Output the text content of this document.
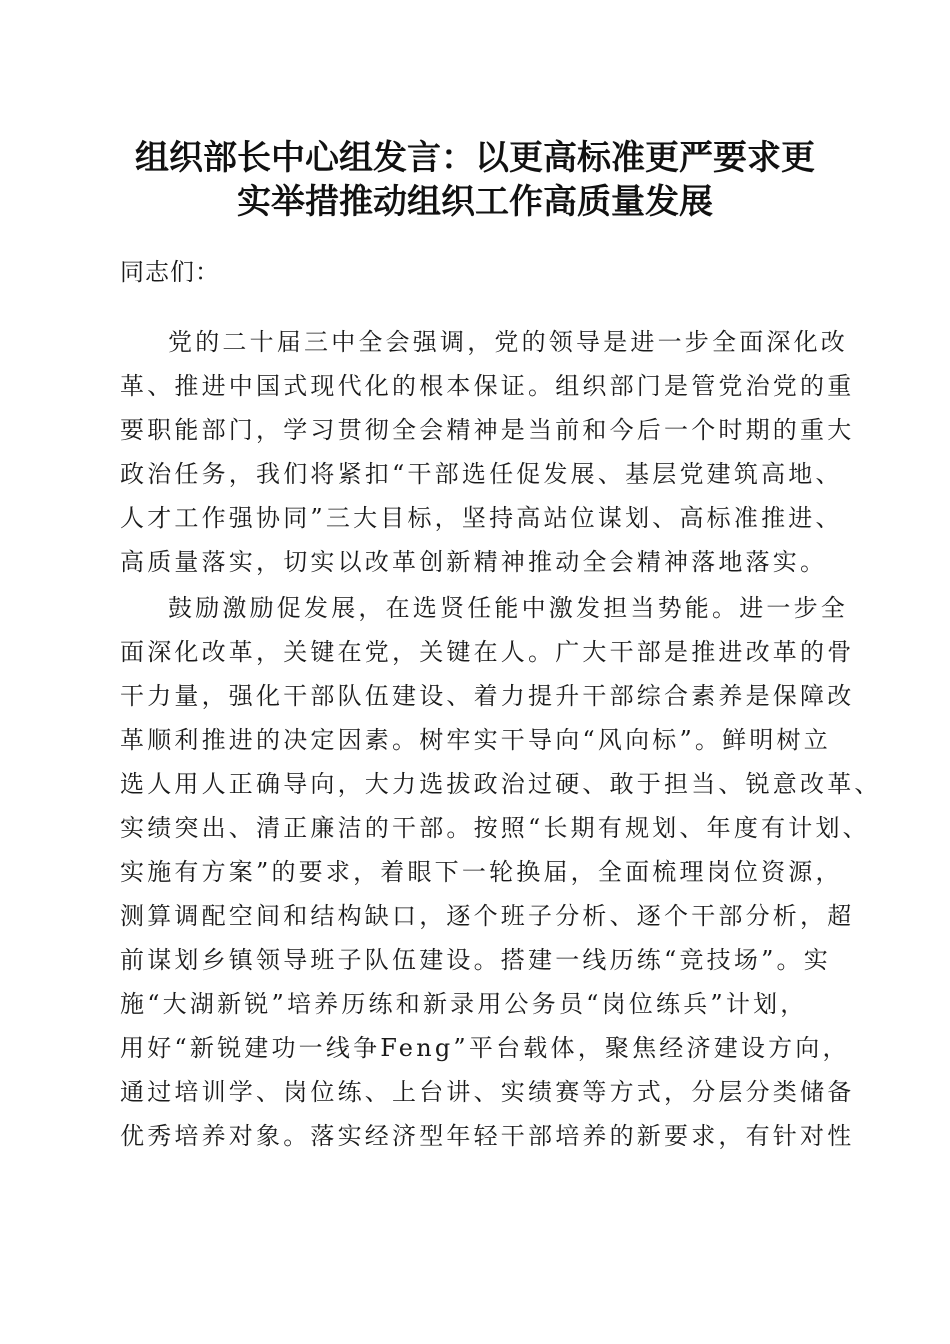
组织部长中心组发言：以更高标准更严要求更
实举措推动组织工作高质量发展
同志们：
党的二十届三中全会强调，党的领导是进一步全面深化改
革、推进中国式现代化的根本保证。组织部门是管党治党的重
要职能部门，学习贯彻全会精神是当前和今后一个时期的重大
政治任务，我们将紧扣“干部选任促发展、基层党建筑高地、
人才工作强协同”三大目标，坚持高站位谋划、高标准推进、
高质量落实，切实以改革创新精神推动全会精神落地落实。
鼓励激励促发展，在选贤任能中激发担当势能。进一步全
面深化改革，关键在党，关键在人。广大干部是推进改革的骨
干力量，强化干部队伍建设、着力提升干部综合素养是保障改
革顺利推进的决定因素。树牢实干导向“风向标”。鲜明树立
选人用人正确导向，大力选拔政治过硬、敢于担当、锐意改革、
实绩突出、清正廉洁的干部。按照“长期有规划、年度有计划、
实施有方案”的要求，着眼下一轮换届，全面梳理岗位资源，
测算调配空间和结构缺口，逐个班子分析、逐个干部分析，超
前谋划乡镇领导班子队伍建设。搭建一线历练“竞技场”。实
施“大湖新锐”培养历练和新录用公务员“岗位练兵”计划，
用好“新锐建功一线争Feng”平台载体，聚焦经济建设方向，
通过培训学、岗位练、上台讲、实绩赛等方式，分层分类储备
优秀培养对象。落实经济型年轻干部培养的新要求，有针对性
